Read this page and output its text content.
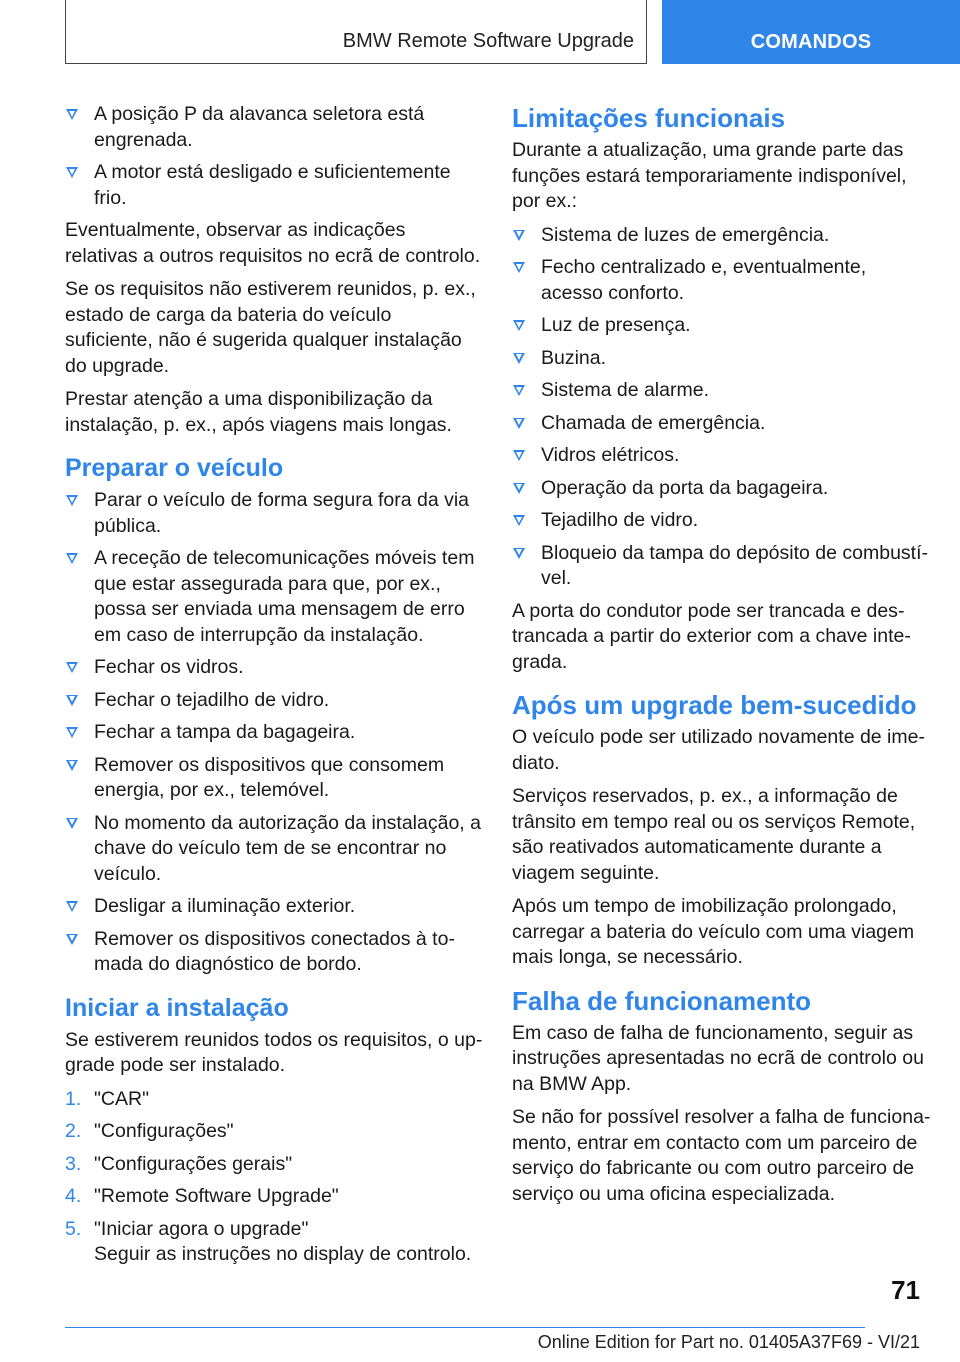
BMW Remote Software Upgrade	COMANDOS
A posição P da alavanca seletora está engrenada.
A motor está desligado e suficientemente frio.

Eventualmente, observar as indicações relativas a outros requisitos no ecrã de controlo.

Se os requisitos não estiverem reunidos, p. ex., estado de carga da bateria do veículo suficiente, não é sugerida qualquer instalação do upgrade.

Prestar atenção a uma disponibilização da instalação, p. ex., após viagens mais longas.

Preparar o veículo
Parar o veículo de forma segura fora da via pública.
A receção de telecomunicações móveis tem que estar assegurada para que, por ex., possa ser enviada uma mensagem de erro em caso de interrupção da instalação.
Fechar os vidros.
Fechar o tejadilho de vidro.
Fechar a tampa da bagageira.
Remover os dispositivos que consomem energia, por ex., telemóvel.
No momento da autorização da instalação, a chave do veículo tem de se encontrar no veículo.
Desligar a iluminação exterior.
Remover os dispositivos conectados à tomada do diagnóstico de bordo.
Iniciar a instalação

Se estiverem reunidos todos os requisitos, o upgrade pode ser instalado.

1. "CAR"
2. "Configurações"
3. "Configurações gerais"
4. "Remote Software Upgrade"
5. "Iniciar agora o upgrade"
Seguir as instruções no display de controlo.
Limitações funcionais

Durante a atualização, uma grande parte das funções estará temporariamente indisponível, por ex.:

Sistema de luzes de emergência.
Fecho centralizado e, eventualmente, acesso conforto.
Luz de presença.
Buzina.
Sistema de alarme.
Chamada de emergência.
Vidros elétricos.
Operação da porta da bagageira.
Tejadilho de vidro.
Bloqueio da tampa do depósito de combustível.

A porta do condutor pode ser trancada e destrancada a partir do exterior com a chave integrada.

Após um upgrade bem-sucedido

O veículo pode ser utilizado novamente de imediato.

Serviços reservados, p. ex., a informação de trânsito em tempo real ou os serviços Remote, são reativados automaticamente durante a viagem seguinte.

Após um tempo de imobilização prolongado, carregar a bateria do veículo com uma viagem mais longa, se necessário.

Falha de funcionamento

Em caso de falha de funcionamento, seguir as instruções apresentadas no ecrã de controlo ou na BMW App.

Se não for possível resolver a falha de funcionamento, entrar em contacto com um parceiro de serviço do fabricante ou com outro parceiro de serviço ou uma oficina especializada.

71
Online Edition for Part no. 01405A37F69 - VI/21
